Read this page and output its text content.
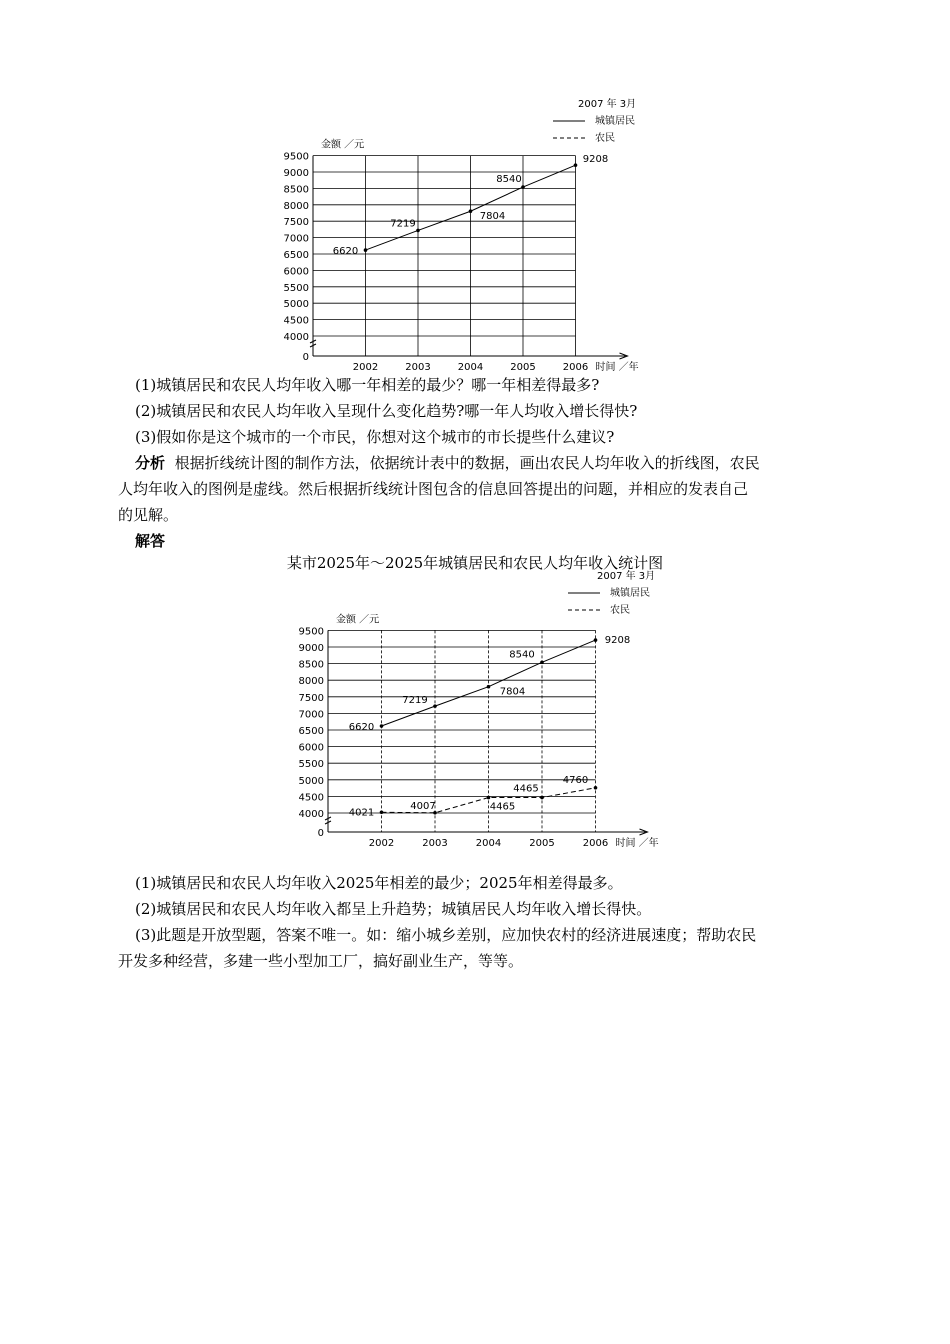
2007 年 3月
城镇居民
农民
金额 ／元
4000
4500
5000
5500
6000
6500
7000
7500
8000
8500
9000
9500
0
2002	2003	2004	2005	2006 时间 ／年
6620
7219
7804
8540
9208
(1)城镇居民和农民人均年收入哪一年相差的最少？哪一年相差得最多?
(2)城镇居民和农民人均年收入呈现什么变化趋势?哪一年人均收入增长得快?
(3)假如你是这个城市的一个市民，你想对这个城市的市长提些什么建议?
分析 根据折线统计图的制作方法，依据统计表中的数据，画出农民人均年收入的折线图，农民
人均年收入的图例是虚线。然后根据折线统计图包含的信息回答提出的问题，并相应的发表自己
的见解。
解答
某市2025年～2025年城镇居民和农民人均年收入统计图
2007 年 3月
城镇居民
农民
金额 ／元
4000
4500
5000
5500
6000
6500
7000
7500
8000
8500
9000
9500
0
2002	2003	2004	2005	2006 时间 ／年
6620
7219
7804
8540
9208
4021
4007	4465
4465
4760
(1)城镇居民和农民人均年收入2025年相差的最少；2025年相差得最多。
(2)城镇居民和农民人均年收入都呈上升趋势；城镇居民人均年收入增长得快。
(3)此题是开放型题，答案不唯一。如：缩小城乡差别，应加快农村的经济进展速度；帮助农民
开发多种经营，多建一些小型加工厂，搞好副业生产，等等。
